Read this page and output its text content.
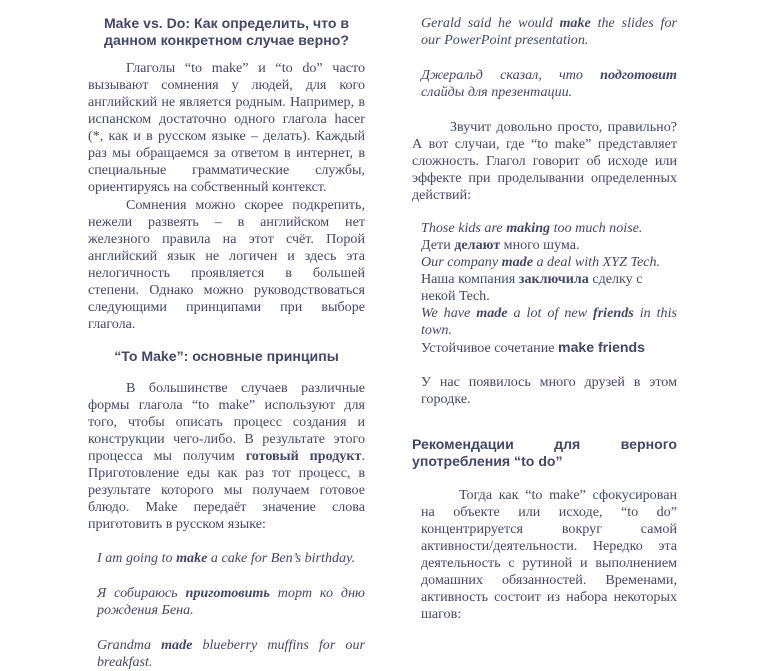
Make vs. Do: Как определить, что в данном конкретном случае верно?

Глаголы “to make” и “to do” часто вызывают сомнения у людей, для кого английский не является родным. Например, в испанском достаточно одного глагола hacer (*, как и в русском языке – делать). Каждый раз мы обращаемся за ответом в интернет, в специальные грамматические службы, ориентируясь на собственный контекст.

Сомнения можно скорее подкрепить, нежели развеять – в английском нет железного правила на этот счёт. Порой английский язык не логичен и здесь эта нелогичность проявляется в большей степени. Однако можно руководствоваться следующими принципами при выборе глагола.

“To Make”: основные принципы

В большинстве случаев различные формы глагола “to make” используют для того, чтобы описать процесс создания и конструкции чего-либо. В результате этого процесса мы получим готовый продукт. Приготовление еды как раз тот процесс, в результате которого мы получаем готовое блюдо. Make передаёт значение слова приготовить в русском языке:

I am going to make a cake for Ben’s birthday.

Я собираюсь приготовить торт ко дню рождения Бена.

Grandma made blueberry muffins for our breakfast.

Gerald said he would make the slides for our PowerPoint presentation.

Джеральд сказал, что подготовит слайды для презентации.

Звучит довольно просто, правильно? А вот случаи, где “to make” представляет сложность. Глагол говорит об исходе или эффекте при проделывании определенных действий:

Those kids are making too much noise.

Дети делают много шума.

Our company made a deal with XYZ Tech.

Наша компания заключила сделку с некой Tech.

We have made a lot of new friends in this town.

Устойчивое сочетание make friends

У нас появилось много друзей в этом городке.

Рекомендации для верного употребления “to do”

Тогда как “to make” сфокусирован на объекте или исходе, “to do” концентрируется вокруг самой активности/деятельности. Нередко эта деятельность с рутиной и выполнением домашних обязанностей. Временами, активность состоит из набора некоторых шагов:
